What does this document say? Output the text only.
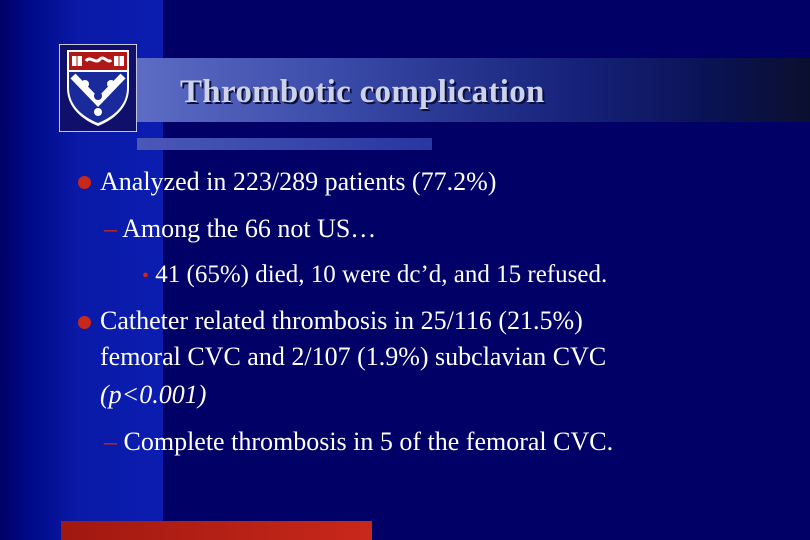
Thrombotic complication
Analyzed in 223/289 patients (77.2%)
– Among the 66 not US…
• 41 (65%) died, 10 were dc’d, and 15 refused.
Catheter related thrombosis in 25/116 (21.5%)
femoral CVC and 2/107 (1.9%) subclavian CVC
(p<0.001)
– Complete thrombosis in 5 of the femoral CVC.
